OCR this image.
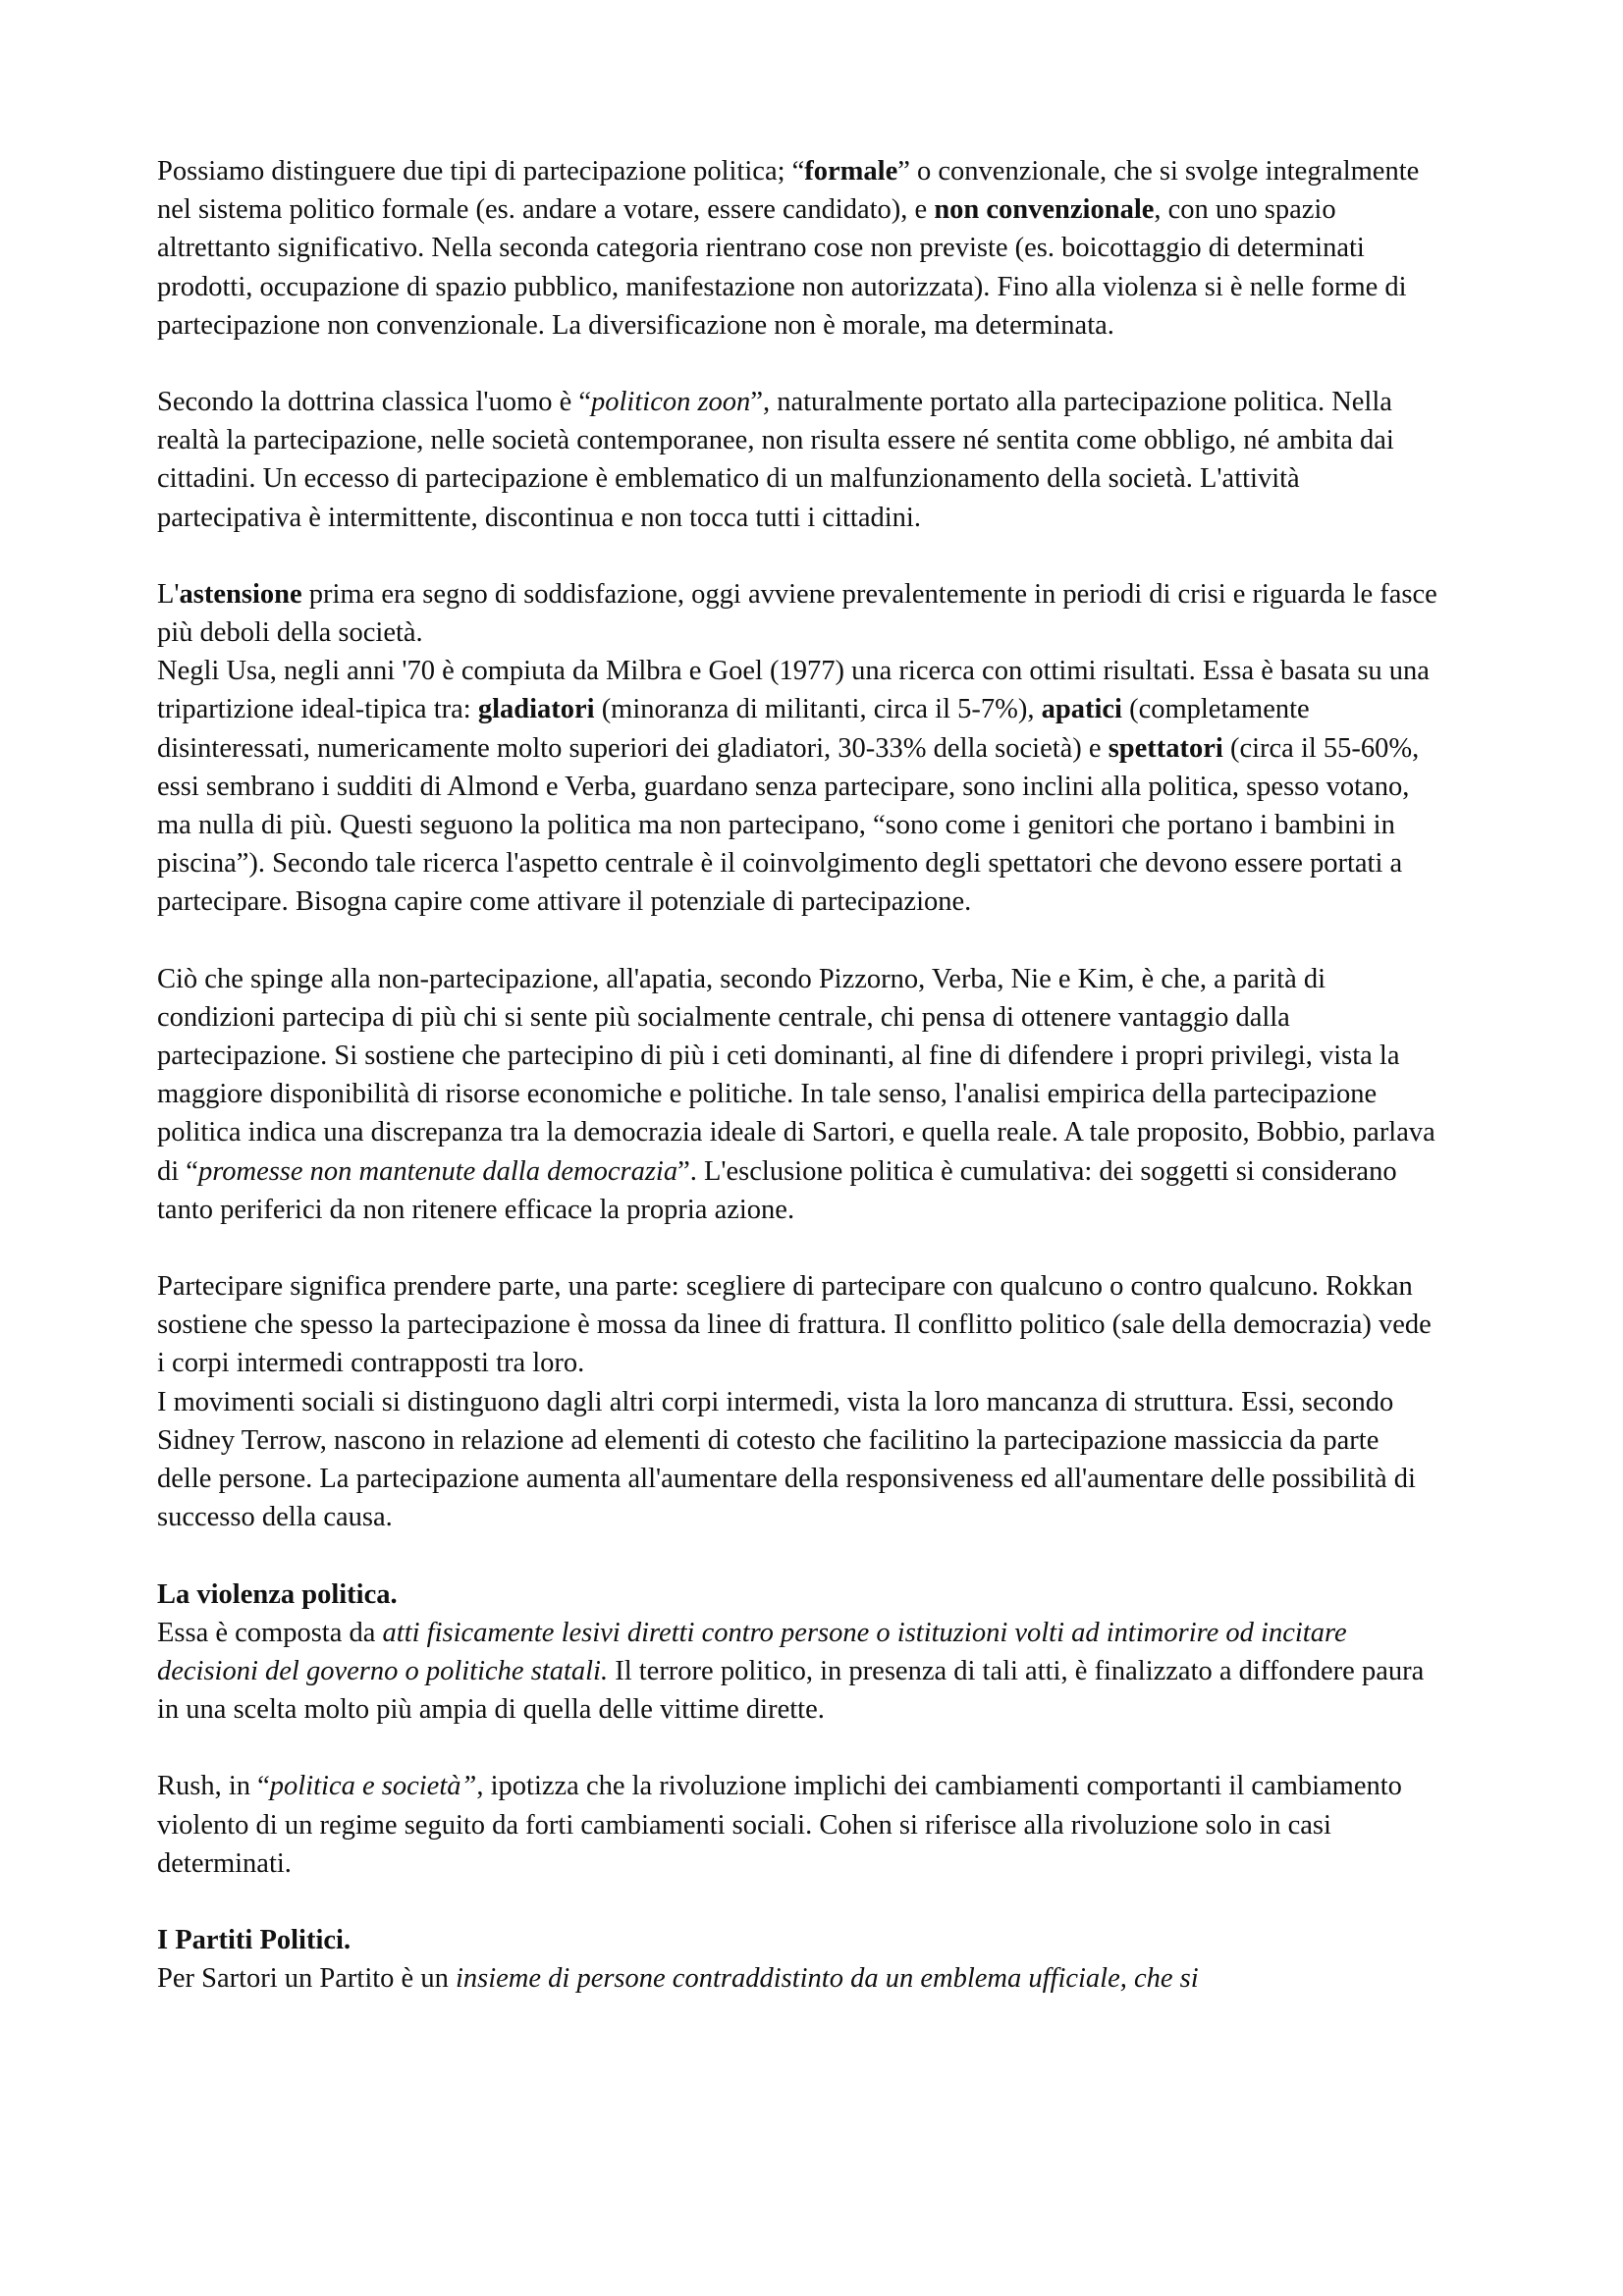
Possiamo distinguere due tipi di partecipazione politica; “formale” o convenzionale, che si svolge integralmente nel sistema politico formale (es. andare a votare, essere candidato), e non convenzionale, con uno spazio altrettanto significativo. Nella seconda categoria rientrano cose non previste (es. boicottaggio di determinati prodotti, occupazione di spazio pubblico, manifestazione non autorizzata). Fino alla violenza si è nelle forme di partecipazione non convenzionale. La diversificazione non è morale, ma determinata.

Secondo la dottrina classica l'uomo è “politicon zoon”, naturalmente portato alla partecipazione politica. Nella realtà la partecipazione, nelle società contemporanee, non risulta essere né sentita come obbligo, né ambita dai cittadini. Un eccesso di partecipazione è emblematico di un malfunzionamento della società. L'attività partecipativa è intermittente, discontinua e non tocca tutti i cittadini.

L'astensione prima era segno di soddisfazione, oggi avviene prevalentemente in periodi di crisi e riguarda le fasce più deboli della società.

Negli Usa, negli anni '70 è compiuta da Milbra e Goel (1977) una ricerca con ottimi risultati. Essa è basata su una tripartizione ideal-tipica tra: gladiatori (minoranza di militanti, circa il 5-7%), apatici (completamente disinteressati, numericamente molto superiori dei gladiatori, 30-33% della società) e spettatori (circa il 55-60%, essi sembrano i sudditi di Almond e Verba, guardano senza partecipare, sono inclini alla politica, spesso votano, ma nulla di più. Questi seguono la politica ma non partecipano, “sono come i genitori che portano i bambini in piscina”). Secondo tale ricerca l'aspetto centrale è il coinvolgimento degli spettatori che devono essere portati a partecipare. Bisogna capire come attivare il potenziale di partecipazione.

Ciò che spinge alla non-partecipazione, all'apatia, secondo Pizzorno, Verba, Nie e Kim, è che, a parità di condizioni partecipa di più chi si sente più socialmente centrale, chi pensa di ottenere vantaggio dalla partecipazione. Si sostiene che partecipino di più i ceti dominanti, al fine di difendere i propri privilegi, vista la maggiore disponibilità di risorse economiche e politiche. In tale senso, l'analisi empirica della partecipazione politica indica una discrepanza tra la democrazia ideale di Sartori, e quella reale. A tale proposito, Bobbio, parlava di “promesse non mantenute dalla democrazia”. L'esclusione politica è cumulativa: dei soggetti si considerano tanto periferici da non ritenere efficace la propria azione.

Partecipare significa prendere parte, una parte: scegliere di partecipare con qualcuno o contro qualcuno. Rokkan sostiene che spesso la partecipazione è mossa da linee di frattura. Il conflitto politico (sale della democrazia) vede i corpi intermedi contrapposti tra loro.

I movimenti sociali si distinguono dagli altri corpi intermedi, vista la loro mancanza di struttura. Essi, secondo Sidney Terrow, nascono in relazione ad elementi di cotesto che facilitino la partecipazione massiccia da parte delle persone. La partecipazione aumenta all'aumentare della responsiveness ed all'aumentare delle possibilità di successo della causa.

La violenza politica.

Essa è composta da atti fisicamente lesivi diretti contro persone o istituzioni volti ad intimorire od incitare decisioni del governo o politiche statali. Il terrore politico, in presenza di tali atti, è finalizzato a diffondere paura in una scelta molto più ampia di quella delle vittime dirette.

Rush, in “politica e società”, ipotizza che la rivoluzione implichi dei cambiamenti comportanti il cambiamento violento di un regime seguito da forti cambiamenti sociali. Cohen si riferisce alla rivoluzione solo in casi determinati.

I Partiti Politici.

Per Sartori un Partito è un insieme di persone contraddistinto da un emblema ufficiale, che si
